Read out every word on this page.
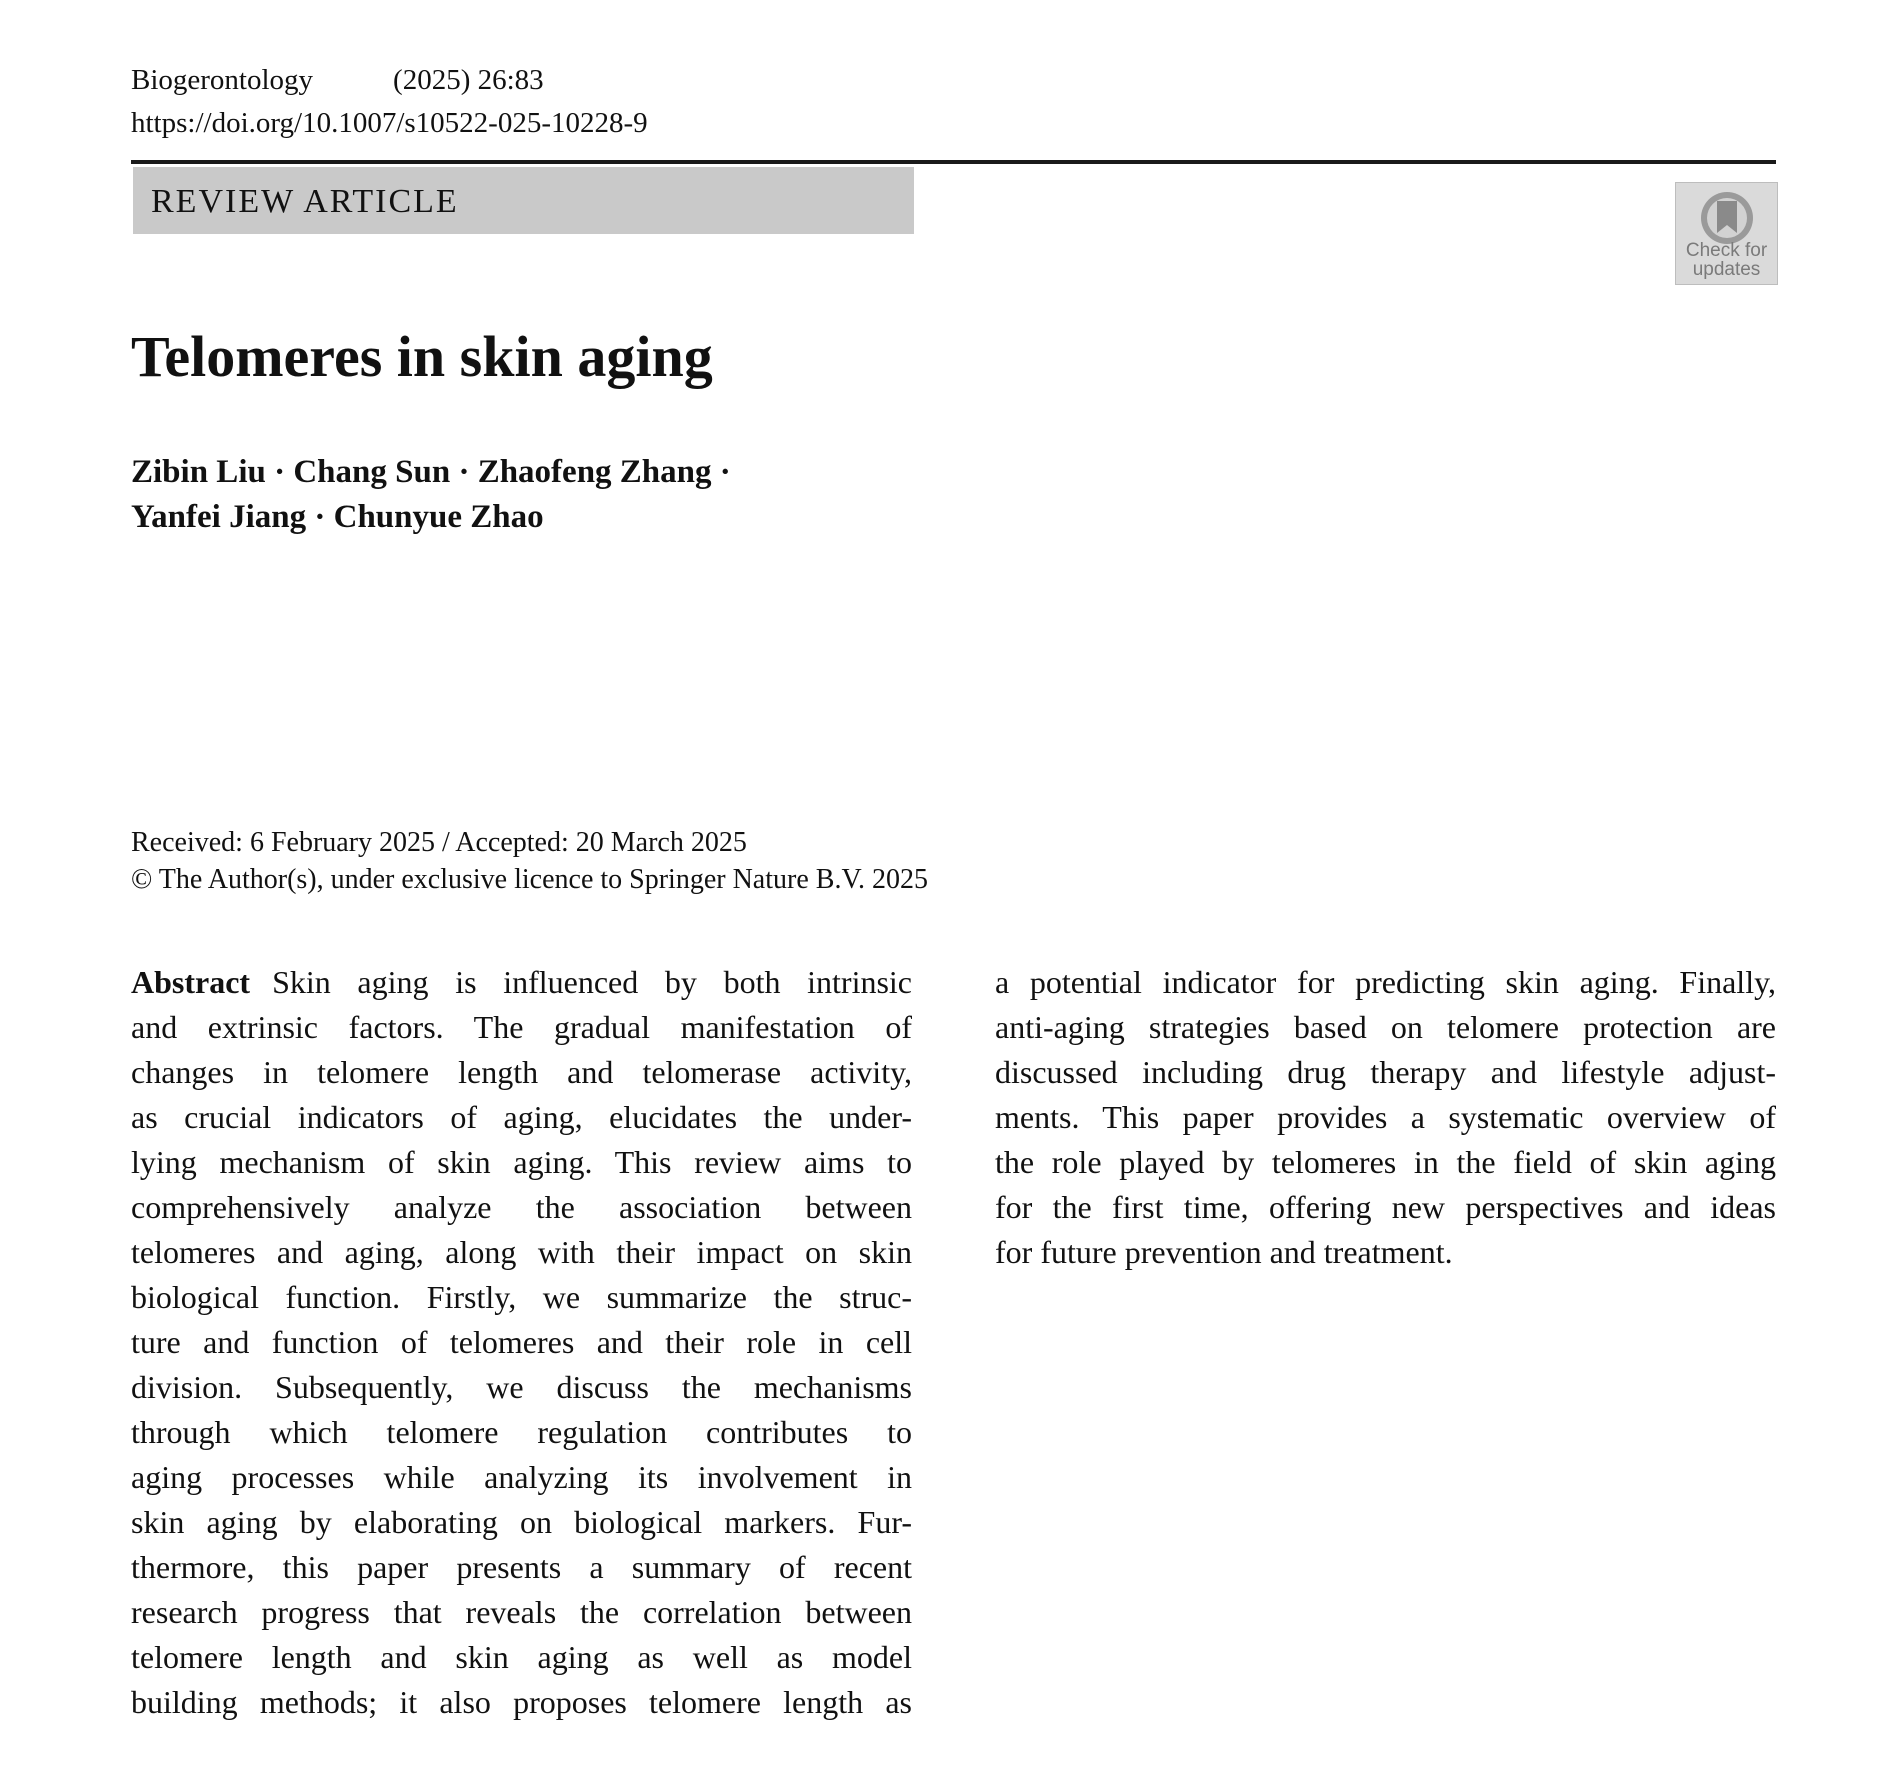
Biogerontology	(2025) 26:83
https://doi.org/10.1007/s10522-025-10228-9
REVIEW ARTICLE
Check for
updates
Telomeres in skin aging
Zibin Liu · Chang Sun · Zhaofeng Zhang ·
Yanfei Jiang · Chunyue Zhao
Received: 6 February 2025 / Accepted: 20 March 2025
© The Author(s), under exclusive licence to Springer Nature B.V. 2025
Abstract Skin aging is influenced by both intrinsic
and extrinsic factors. The gradual manifestation of
changes in telomere length and telomerase activity,
as crucial indicators of aging, elucidates the under-
lying mechanism of skin aging. This review aims to
comprehensively analyze the association between
telomeres and aging, along with their impact on skin
biological function. Firstly, we summarize the struc-
ture and function of telomeres and their role in cell
division. Subsequently, we discuss the mechanisms
through which telomere regulation contributes to
aging processes while analyzing its involvement in
skin aging by elaborating on biological markers. Fur-
thermore, this paper presents a summary of recent
research progress that reveals the correlation between
telomere length and skin aging as well as model
building methods; it also proposes telomere length as
a potential indicator for predicting skin aging. Finally,
anti-aging strategies based on telomere protection are
discussed including drug therapy and lifestyle adjust-
ments. This paper provides a systematic overview of
the role played by telomeres in the field of skin aging
for the first time, offering new perspectives and ideas
for future prevention and treatment.
